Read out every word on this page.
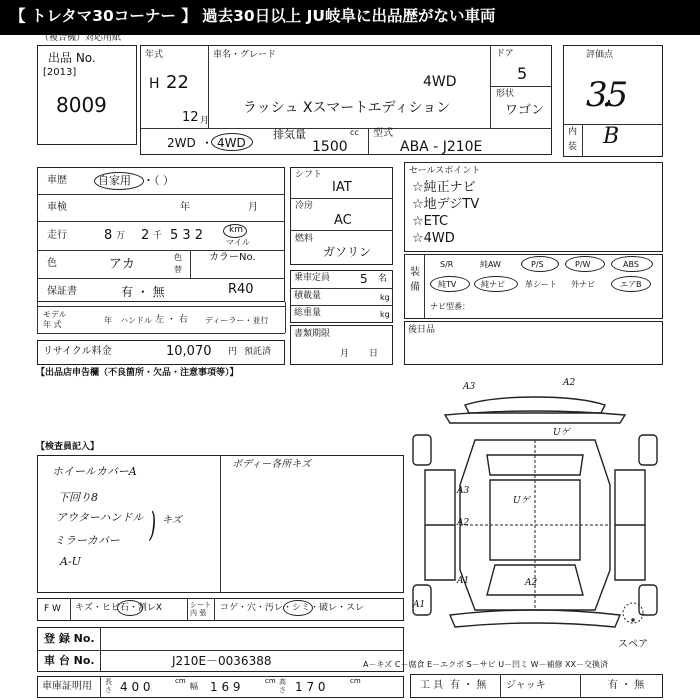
【 トレタマ30コーナー 】 過去30日以上 JU岐阜に出品歴がない車両
（複合機）対応用紙
出品 No.
[2013]
8009
年式
H 22
12 月
車名・グレード
4WD
ラッシュ Xスマートエディション
ドア
5
形状
ワゴン
2WD ・ 4WD
排気量	cc
1500
型式
ABA - J210E
評価点
3.5
内
装 B
車歴	自家用 ・（ ）
車検	年	月
走行	8 万 2 千 5 3 2	km
マイル
色	アカ	色
替
カラーNo.
R40
保証書	有 ・ 無
モデル
年 式	年 ハンドル 左 ・ 右 ディーラー・並行
リサイクル料金	10,070 円 預託済
シフト
IAT
冷房
AC
燃料
ガソリン
乗車定員 5 名
積載量	kg
総重量	kg
書類期限
月日
セールスポイント
☆純正ナビ
☆地デジTV
☆ETC
☆4WD
装
備
S/R	純AW	P/S	P/W	ABS
純TV	純ナビ	革シート 外ナビ	エアB
ナビ型番：
後日品
【出品店申告欄（不良箇所・欠品・注意事項等）】
【検査員記入】
ホイールカバーA
下回り8
アウターハンドル
ミラーカバー
A-U
) キズ
ボディー各所キズ
F W キズ・ヒビ石・割レX	シート内 張	コゲ・穴・汚レ・シミ・破レ・スレ
登 録 No.
車 台 No.	J210E－0036388
車庫証明用 長さ 4 0 0	cm
幅 1 6 9	cm 高さ 1 7 0	cm
A－キズ C－腐食 E－エクボ S－サビ U－凹ミ W－補修 XX－交換済
工 具 有 ・ 無 ジャッキ	有 ・ 無
A3	A2
Uゲ
Uゲ
A3
A2
A1
A1	A2
スペア
